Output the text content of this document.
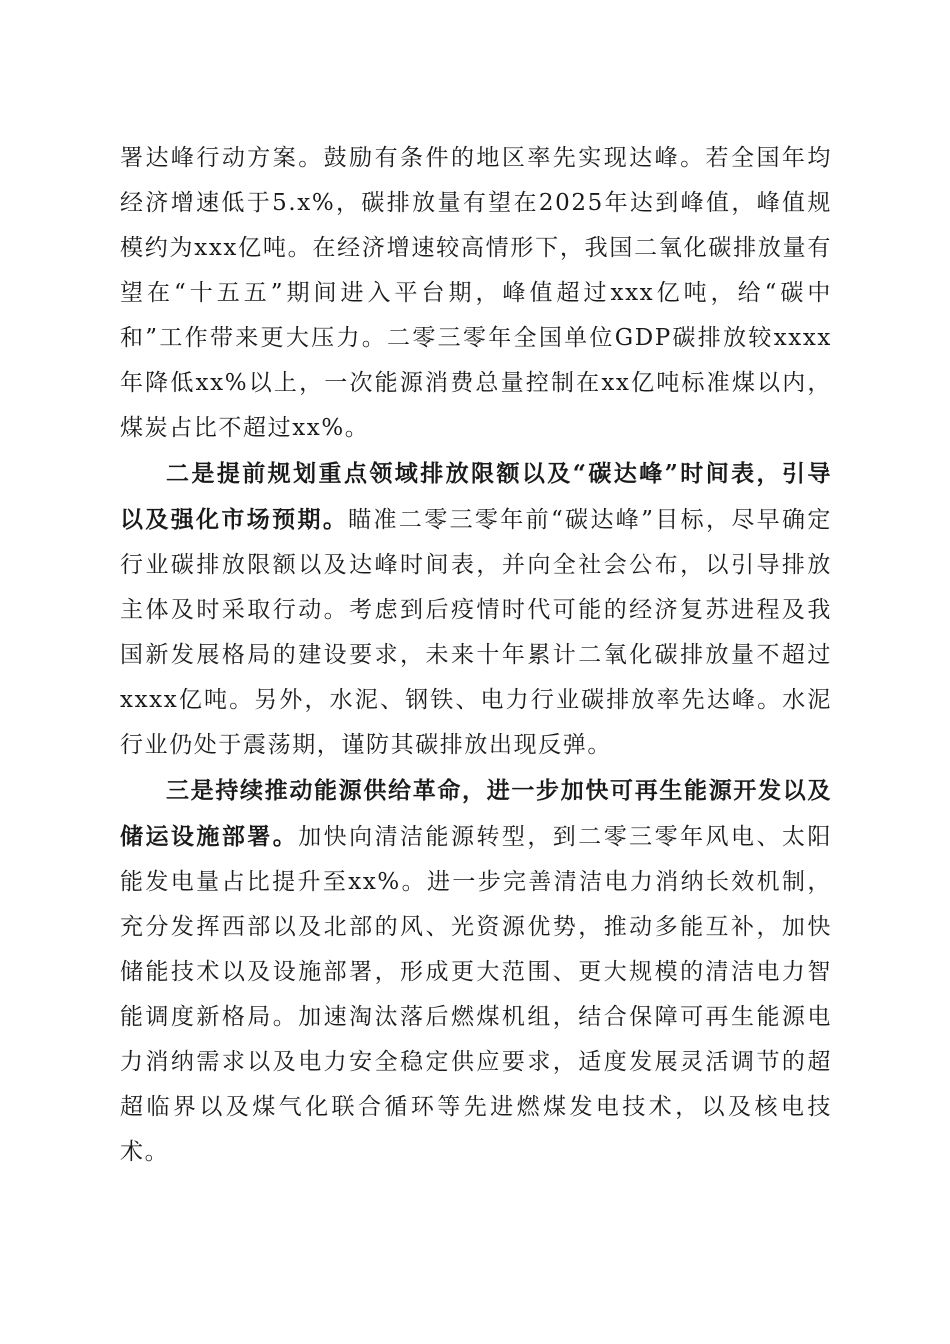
署达峰行动方案。鼓励有条件的地区率先实现达峰。若全国年均经济增速低于5.x%，碳排放量有望在2025年达到峰值，峰值规模约为xxx亿吨。在经济增速较高情形下，我国二氧化碳排放量有望在“十五五”期间进入平台期，峰值超过xxx亿吨，给“碳中和”工作带来更大压力。二零三零年全国单位GDP碳排放较xxxx年降低xx%以上，一次能源消费总量控制在xx亿吨标准煤以内，煤炭占比不超过xx%。

二是提前规划重点领域排放限额以及“碳达峰”时间表，引导以及强化市场预期。瞄准二零三零年前“碳达峰”目标，尽早确定行业碳排放限额以及达峰时间表，并向全社会公布，以引导排放主体及时采取行动。考虑到后疫情时代可能的经济复苏进程及我国新发展格局的建设要求，未来十年累计二氧化碳排放量不超过xxxx亿吨。另外，水泥、钢铁、电力行业碳排放率先达峰。水泥行业仍处于震荡期，谨防其碳排放出现反弹。

三是持续推动能源供给革命，进一步加快可再生能源开发以及储运设施部署。加快向清洁能源转型，到二零三零年风电、太阳能发电量占比提升至xx%。进一步完善清洁电力消纳长效机制，充分发挥西部以及北部的风、光资源优势，推动多能互补，加快储能技术以及设施部署，形成更大范围、更大规模的清洁电力智能调度新格局。加速淘汰落后燃煤机组，结合保障可再生能源电力消纳需求以及电力安全稳定供应要求，适度发展灵活调节的超超临界以及煤气化联合循环等先进燃煤发电技术，以及核电技术。
